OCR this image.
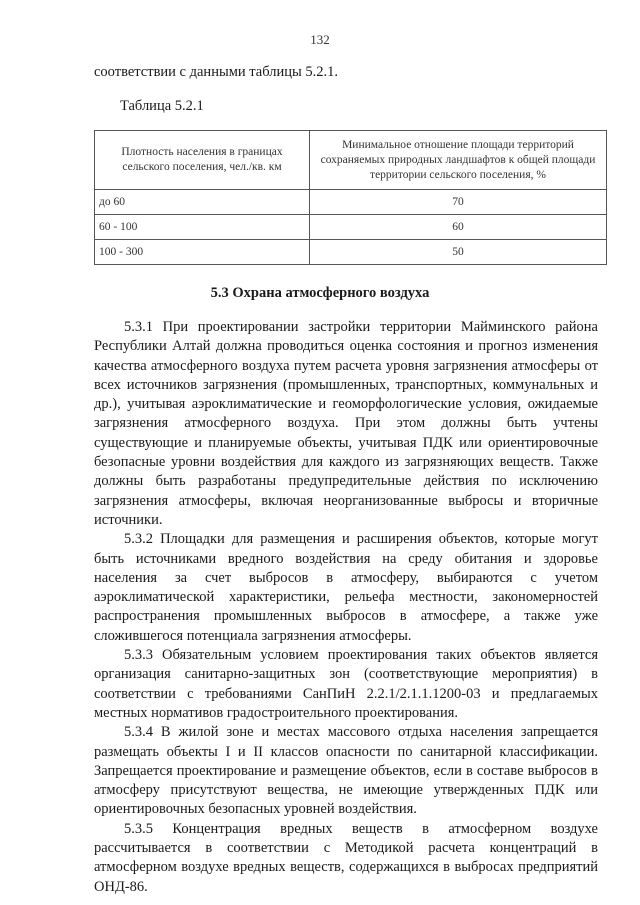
132
соответствии с данными таблицы 5.2.1.
Таблица 5.2.1
Плотность населения в границах сельского поселения, чел./кв. км	Минимальное отношение площади территорий сохраняемых природных ландшафтов к общей площади территории сельского поселения, %
до 60	70
60 - 100	60
100 - 300	50
5.3 Охрана атмосферного воздуха

5.3.1 При проектировании застройки территории Майминского района Республики Алтай должна проводиться оценка состояния и прогноз изменения качества атмосферного воздуха путем расчета уровня загрязнения атмосферы от всех источников загрязнения (промышленных, транспортных, коммунальных и др.), учитывая аэроклиматические и геоморфологические условия, ожидаемые загрязнения атмосферного воздуха. При этом должны быть учтены существующие и планируемые объекты, учитывая ПДК или ориентировочные безопасные уровни воздействия для каждого из загрязняющих веществ. Также должны быть разработаны предупредительные действия по исключению загрязнения атмосферы, включая неорганизованные выбросы и вторичные источники.

5.3.2 Площадки для размещения и расширения объектов, которые могут быть источниками вредного воздействия на среду обитания и здоровье населения за счет выбросов в атмосферу, выбираются с учетом аэроклиматической характеристики, рельефа местности, закономерностей распространения промышленных выбросов в атмосфере, а также уже сложившегося потенциала загрязнения атмосферы.

5.3.3 Обязательным условием проектирования таких объектов является организация санитарно-защитных зон (соответствующие мероприятия) в соответствии с требованиями СанПиН 2.2.1/2.1.1.1200-03 и предлагаемых местных нормативов градостроительного проектирования.

5.3.4 В жилой зоне и местах массового отдыха населения запрещается размещать объекты I и II классов опасности по санитарной классификации. Запрещается проектирование и размещение объектов, если в составе выбросов в атмосферу присутствуют вещества, не имеющие утвержденных ПДК или ориентировочных безопасных уровней воздействия.

5.3.5 Концентрация вредных веществ в атмосферном воздухе рассчитывается в соответствии с Методикой расчета концентраций в атмосферном воздухе вредных веществ, содержащихся в выбросах предприятий ОНД-86.
